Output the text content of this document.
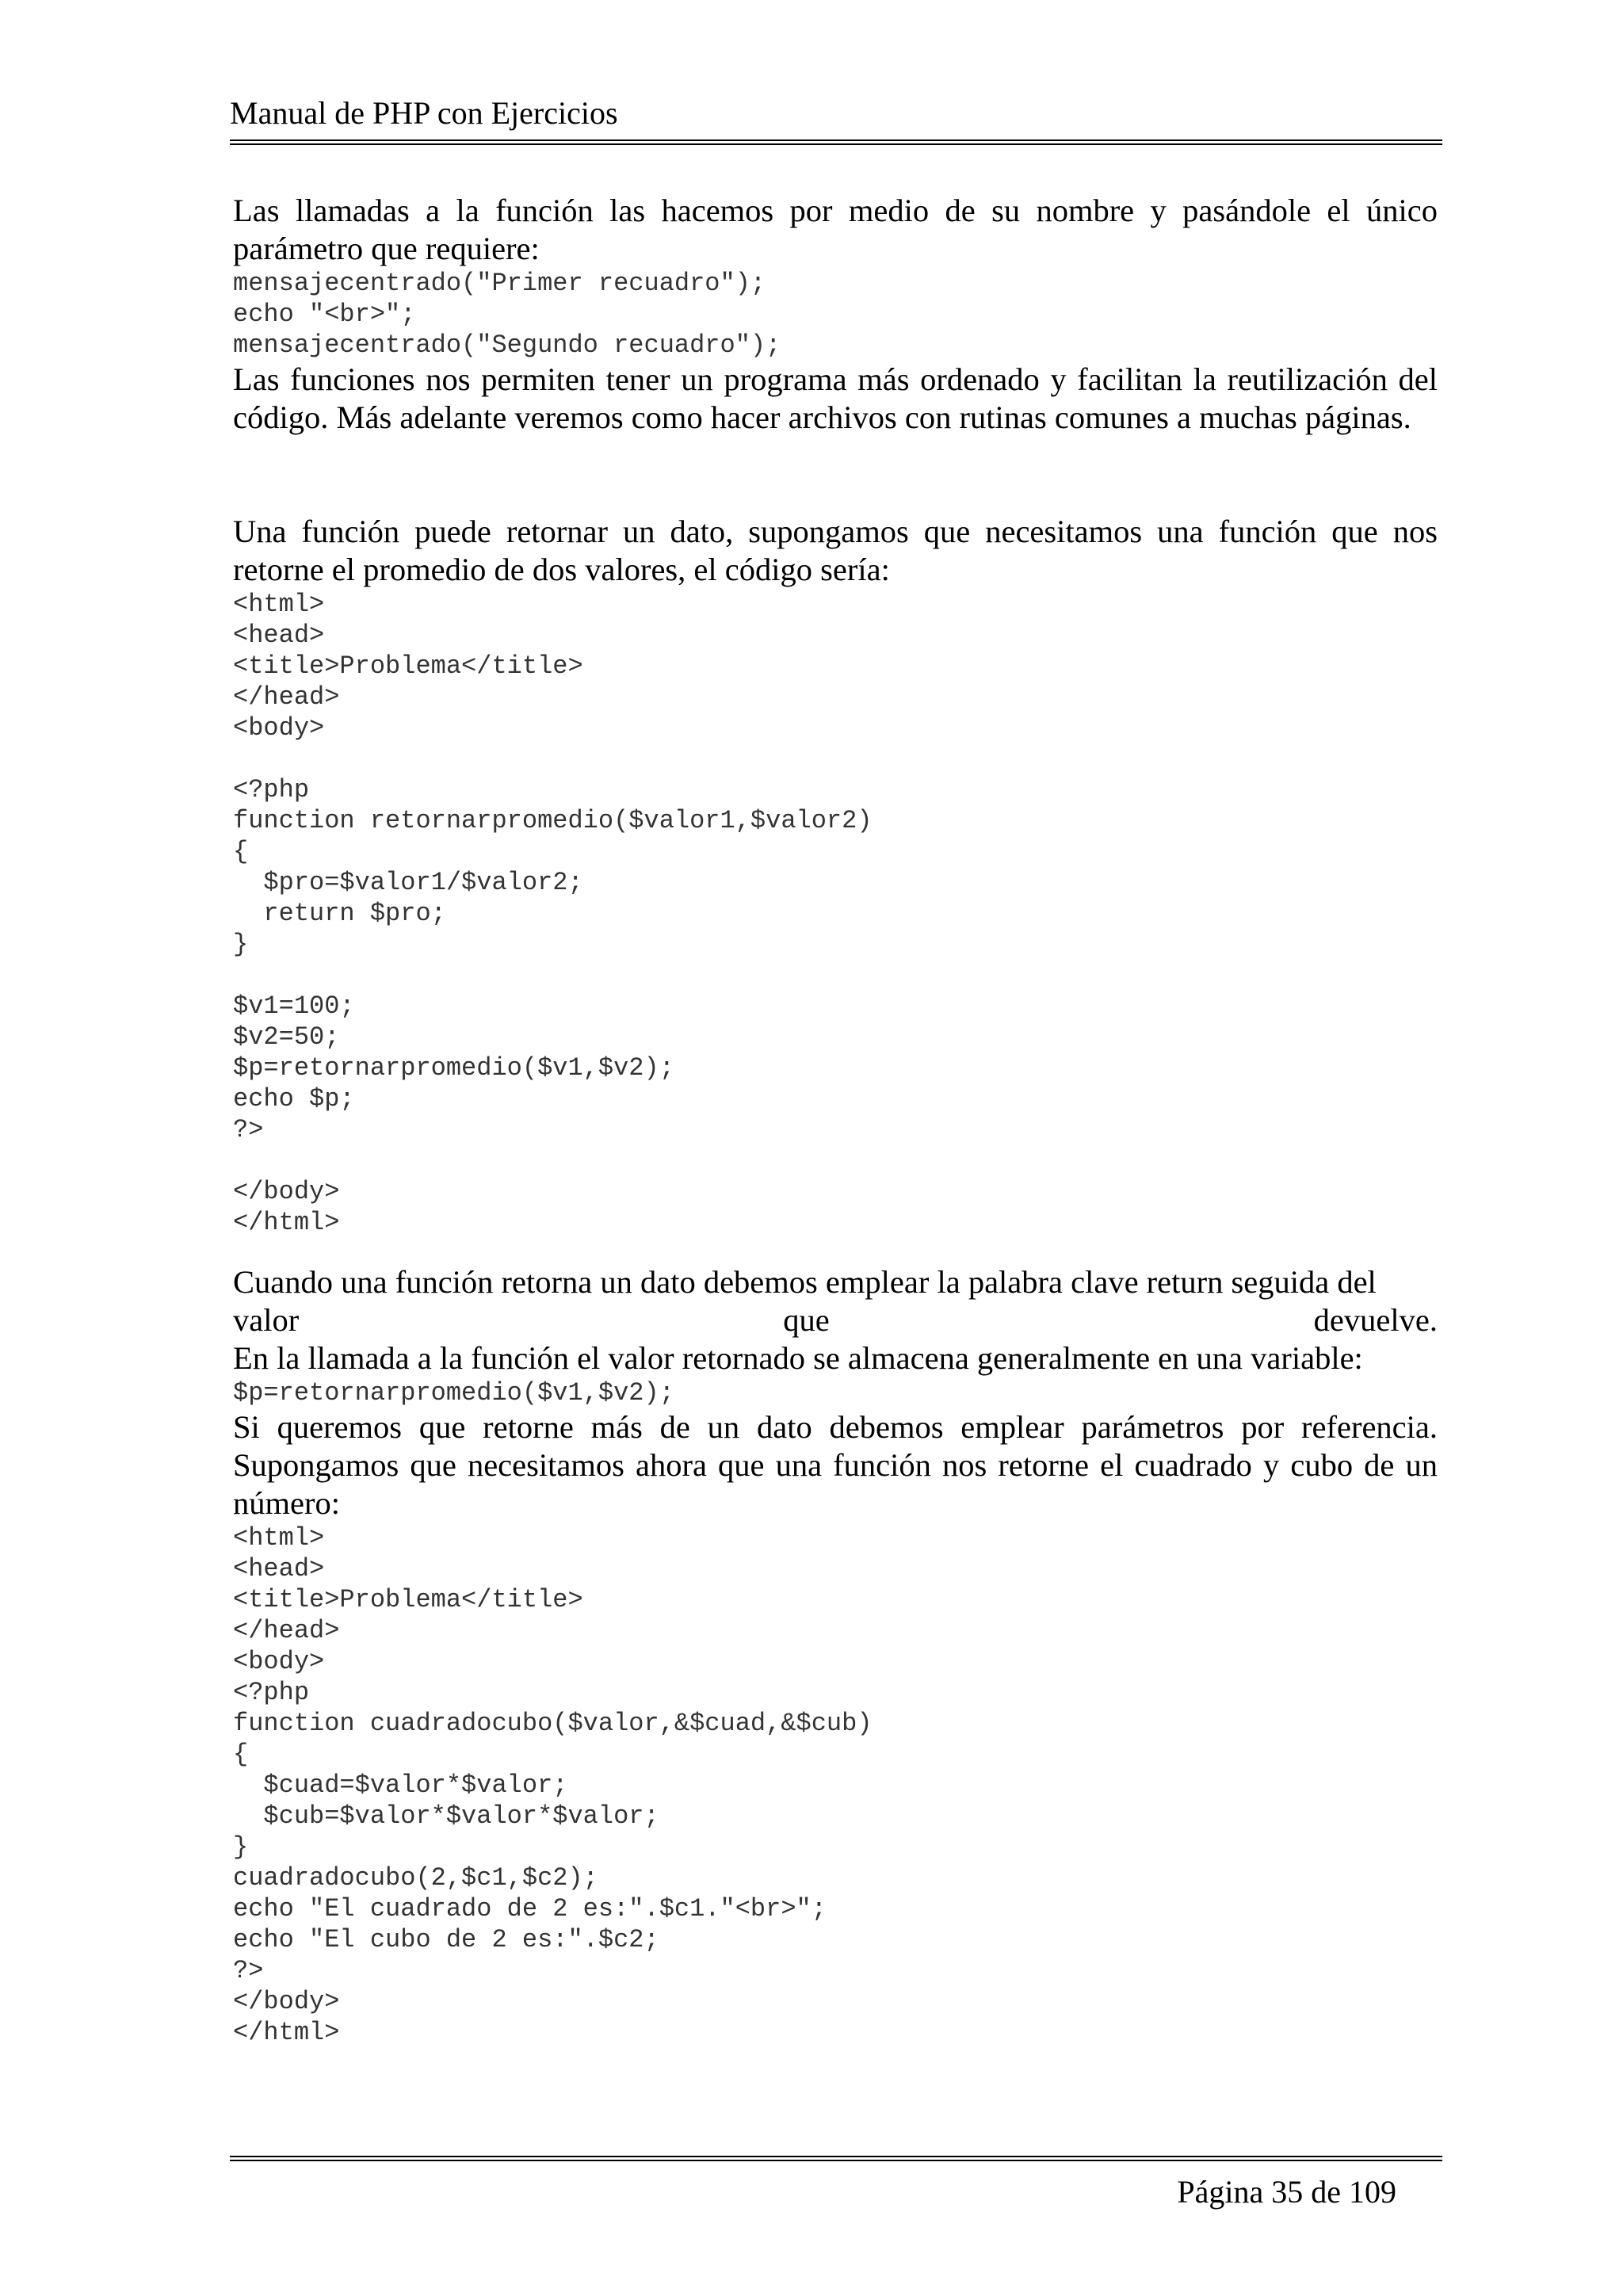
Manual de PHP con Ejercicios

Las llamadas a la función las hacemos por medio de su nombre y pasándole el único parámetro que requiere:

mensajecentrado("Primer recuadro");
echo "<br>";
mensajecentrado("Segundo recuadro");

Las funciones nos permiten tener un programa más ordenado y facilitan la reutilización del código. Más adelante veremos como hacer archivos con rutinas comunes a muchas páginas.

Una función puede retornar un dato, supongamos que necesitamos una función que nos retorne el promedio de dos valores, el código sería:

<html>
<head>
<title>Problema</title>
</head>
<body>

<?php
function retornarpromedio($valor1,$valor2)
{
$pro=$valor1/$valor2;
return $pro;
}

$v1=100;
$v2=50;
$p=retornarpromedio($v1,$v2);
echo $p;
?>

</body>
</html>

Cuando una función retorna un dato debemos emplear la palabra clave return seguida del

valor	que	devuelve.

En la llamada a la función el valor retornado se almacena generalmente en una variable:

$p=retornarpromedio($v1,$v2);

Si queremos que retorne más de un dato debemos emplear parámetros por referencia. Supongamos que necesitamos ahora que una función nos retorne el cuadrado y cubo de un número:

<html>
<head>
<title>Problema</title>
</head>
<body>
<?php
function cuadradocubo($valor,&$cuad,&$cub)
{
$cuad=$valor*$valor;
$cub=$valor*$valor*$valor;
}
cuadradocubo(2,$c1,$c2);
echo "El cuadrado de 2 es:".$c1."<br>";
echo "El cubo de 2 es:".$c2;
?>
</body>
</html>
Página 35 de 109
